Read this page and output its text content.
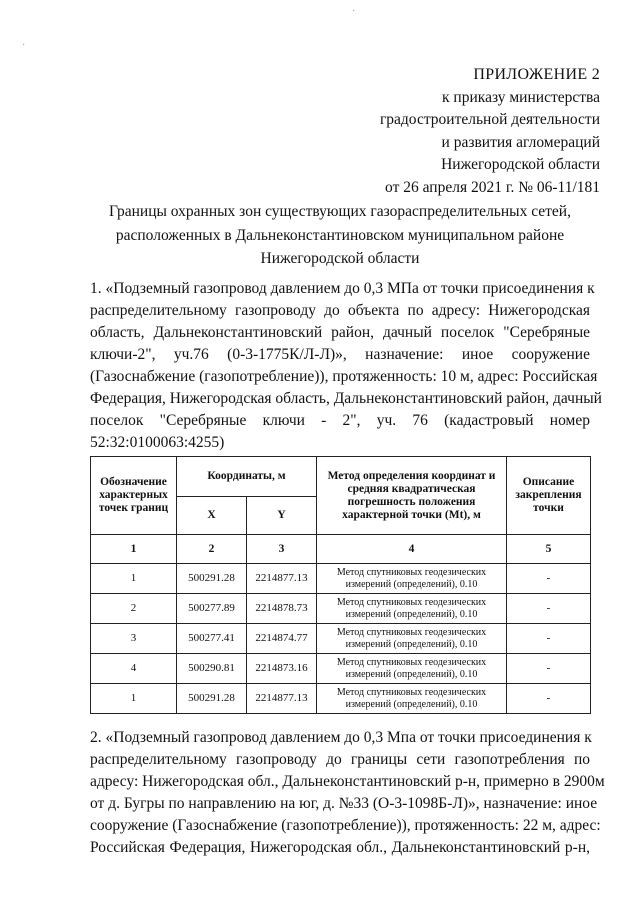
·
·
ПРИЛОЖЕНИЕ 2
к приказу министерства
градостроительной деятельности
и развития агломераций
Нижегородской области
от 26 апреля 2021 г. № 06-11/181
Границы охранных зон существующих газораспределительных сетей,
расположенных в Дальнеконстантиновском муниципальном районе
Нижегородской области
1. «Подземный газопровод давлением до 0,3 МПа от точки присоединения к
распределительному газопроводу до объекта по адресу: Нижегородская
область, Дальнеконстантиновский район, дачный поселок "Серебряные
ключи-2", уч.76 (0-3-1775К/Л-Л)», назначение: иное сооружение
(Газоснабжение (газопотребление)), протяженность: 10 м, адрес: Российская
Федерация, Нижегородская область, Дальнеконстантиновский район, дачный
поселок "Серебряные ключи - 2", уч. 76 (кадастровый номер
52:32:0100063:4255)
Обозначение характерных точек границ	Координаты, м		Метод определения координат и средняя квадратическая погрешность положения характерной точки (Mt), м	Описание закрепления точки
	X	Y		
1	2	3	4	5
1	500291.28	2214877.13	Метод спутниковых геодезических измерений (определений), 0.10	-
2	500277.89	2214878.73	Метод спутниковых геодезических измерений (определений), 0.10	-
3	500277.41	2214874.77	Метод спутниковых геодезических измерений (определений), 0.10	-
4	500290.81	2214873.16	Метод спутниковых геодезических измерений (определений), 0.10	-
1	500291.28	2214877.13	Метод спутниковых геодезических измерений (определений), 0.10	-
2. «Подземный газопровод давлением до 0,3 Мпа от точки присоединения к
распределительному газопроводу до границы сети газопотребления по
адресу: Нижегородская обл., Дальнеконстантиновский р-н, примерно в 2900м
от д. Бугры по направлению на юг, д. №33 (О-3-1098Б-Л)», назначение: иное
сооружение (Газоснабжение (газопотребление)), протяженность: 22 м, адрес:
Российская Федерация, Нижегородская обл., Дальнеконстантиновский р-н,
